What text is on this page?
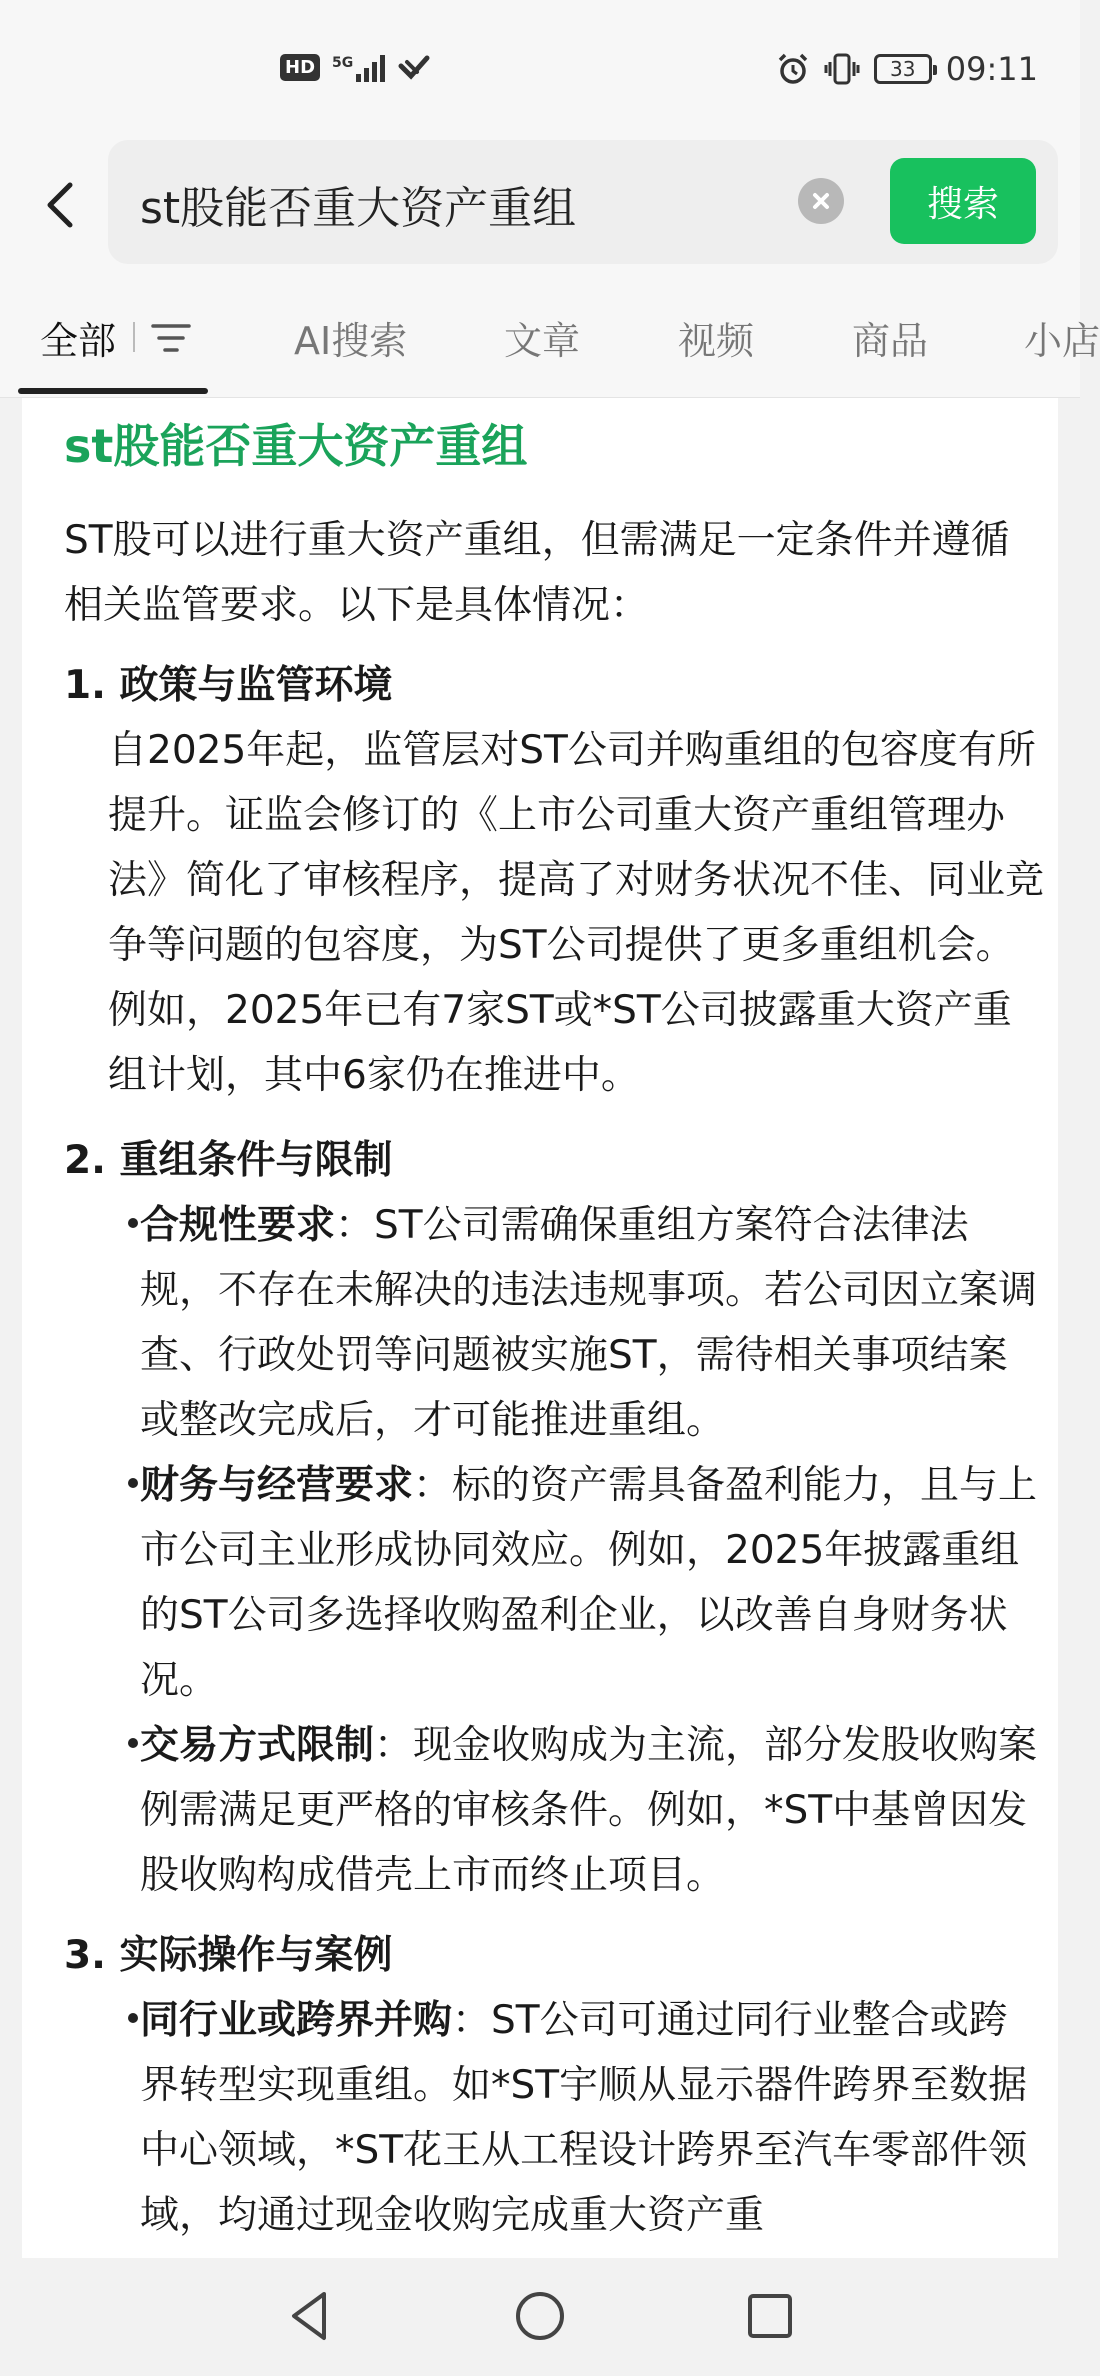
HD	5G	33 09:11
st股能否重大资产重组	搜索
全部	AI搜索	文章	视频	商品	小店
st股能否重大资产重组
ST股可以进行重大资产重组，但需满足一定条件并遵循相关监管要求。以下是具体情况：
1. 政策与监管环境
自2025年起，监管层对ST公司并购重组的包容度有所提升。证监会修订的《上市公司重大资产重组管理办法》简化了审核程序，提高了对财务状况不佳、同业竞争等问题的包容度，为ST公司提供了更多重组机会。例如，2025年已有7家ST或*ST公司披露重大资产重组计划，其中6家仍在推进中。
2. 重组条件与限制
合规性要求：ST公司需确保重组方案符合法律法规，不存在未解决的违法违规事项。若公司因立案调查、行政处罚等问题被实施ST，需待相关事项结案或整改完成后，才可能推进重组。
财务与经营要求：标的资产需具备盈利能力，且与上市公司主业形成协同效应。例如，2025年披露重组的ST公司多选择收购盈利企业，以改善自身财务状况。
交易方式限制：现金收购成为主流，部分发股收购案例需满足更严格的审核条件。例如，*ST中基曾因发股收购构成借壳上市而终止项目。
3. 实际操作与案例
同行业或跨界并购：ST公司可通过同行业整合或跨界转型实现重组。如*ST宇顺从显示器件跨界至数据中心领域，*ST花王从工程设计跨界至汽车零部件领域，均通过现金收购完成重大资产重
